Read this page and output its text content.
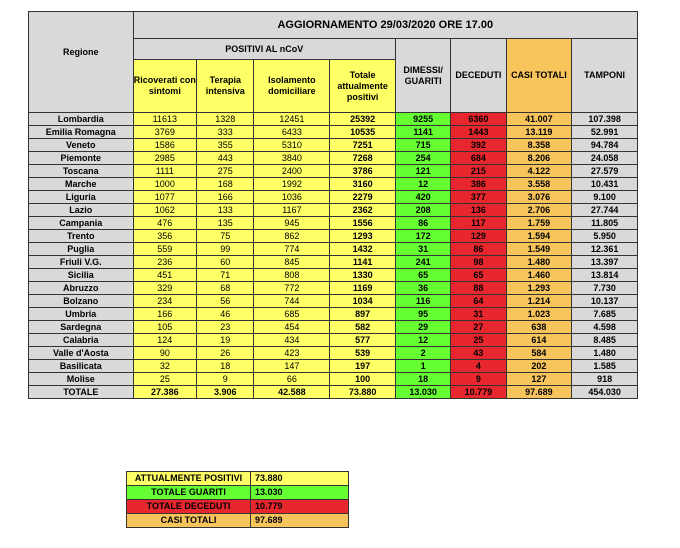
Regione	AGGIORNAMENTO 29/03/2020 ORE 17.00							
	POSITIVI AL nCoV				DIMESSI/ GUARITI	DECEDUTI	CASI TOTALI	TAMPONI
	Ricoverati con sintomi	Terapia intensiva	Isolamento domiciliare	Totale attualmente positivi				
Lombardia	11613	1328	12451	25392	9255	6360	41.007	107.398
Emilia Romagna	3769	333	6433	10535	1141	1443	13.119	52.991
Veneto	1586	355	5310	7251	715	392	8.358	94.784
Piemonte	2985	443	3840	7268	254	684	8.206	24.058
Toscana	1111	275	2400	3786	121	215	4.122	27.579
Marche	1000	168	1992	3160	12	386	3.558	10.431
Liguria	1077	166	1036	2279	420	377	3.076	9.100
Lazio	1062	133	1167	2362	208	136	2.706	27.744
Campania	476	135	945	1556	86	117	1.759	11.805
Trento	356	75	862	1293	172	129	1.594	5.950
Puglia	559	99	774	1432	31	86	1.549	12.361
Friuli V.G.	236	60	845	1141	241	98	1.480	13.397
Sicilia	451	71	808	1330	65	65	1.460	13.814
Abruzzo	329	68	772	1169	36	88	1.293	7.730
Bolzano	234	56	744	1034	116	64	1.214	10.137
Umbria	166	46	685	897	95	31	1.023	7.685
Sardegna	105	23	454	582	29	27	638	4.598
Calabria	124	19	434	577	12	25	614	8.485
Valle d'Aosta	90	26	423	539	2	43	584	1.480
Basilicata	32	18	147	197	1	4	202	1.585
Molise	25	9	66	100	18	9	127	918
TOTALE	27.386	3.906	42.588	73.880	13.030	10.779	97.689	454.030
ATTUALMENTE POSITIVI	73.880
TOTALE GUARITI	13.030
TOTALE DECEDUTI	10.779
CASI TOTALI	97.689
